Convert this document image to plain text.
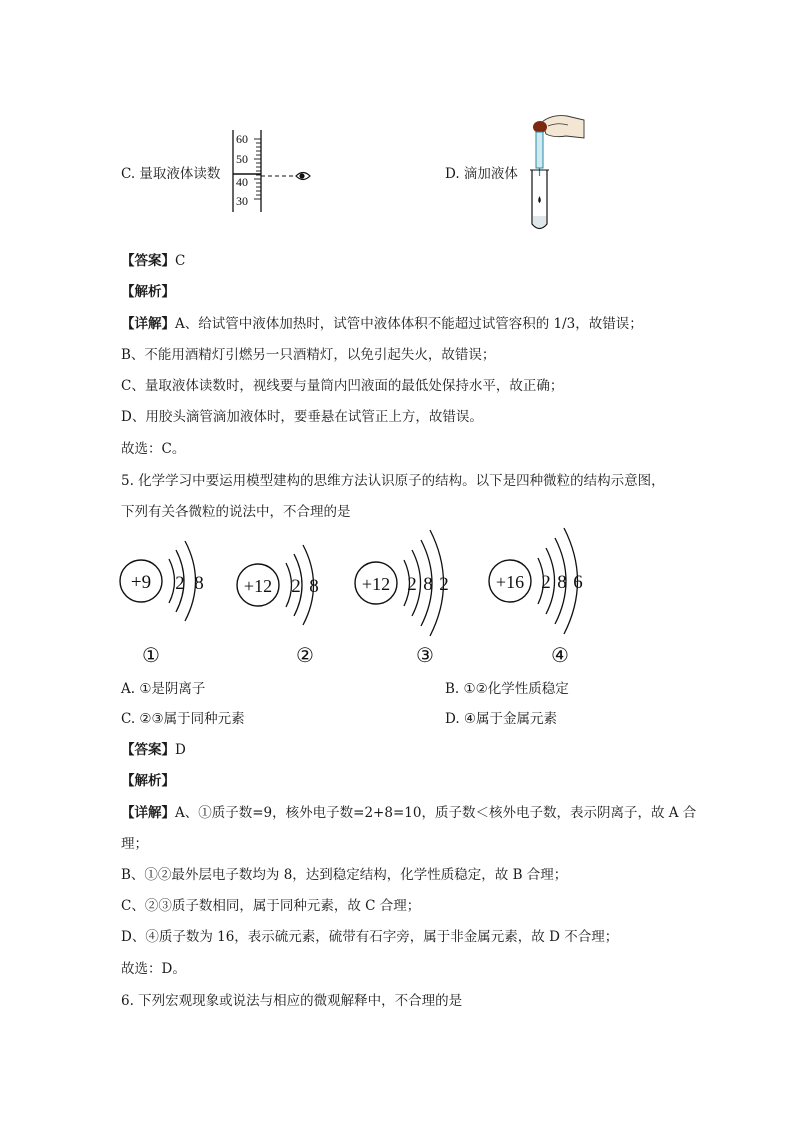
C. 量取液体读数
60
50
40
30
D. 滴加液体
【答案】C
【解析】
【详解】A、给试管中液体加热时，试管中液体体积不能超过试管容积的 1/3，故错误；
B、不能用酒精灯引燃另一只酒精灯，以免引起失火，故错误；
C、量取液体读数时，视线要与量筒内凹液面的最低处保持水平，故正确；
D、用胶头滴管滴加液体时，要垂悬在试管正上方，故错误。
故选：C。
5. 化学学习中要运用模型建构的思维方法认识原子的结构。以下是四种微粒的结构示意图，
下列有关各微粒的说法中，不合理的是
+9 2 8
①
+12 2 8
②
+12 2 8 2
③
+16 2 8 6
④
A. ①是阴离子	B. ①②化学性质稳定
C. ②③属于同种元素	D. ④属于金属元素
【答案】D
【解析】
【详解】A、①质子数=9，核外电子数=2+8=10，质子数＜核外电子数，表示阴离子，故 A 合
理；
B、①②最外层电子数均为 8，达到稳定结构，化学性质稳定，故 B 合理；
C、②③质子数相同，属于同种元素，故 C 合理；
D、④质子数为 16，表示硫元素，硫带有石字旁，属于非金属元素，故 D 不合理；
故选：D。
6. 下列宏观现象或说法与相应的微观解释中，不合理的是
